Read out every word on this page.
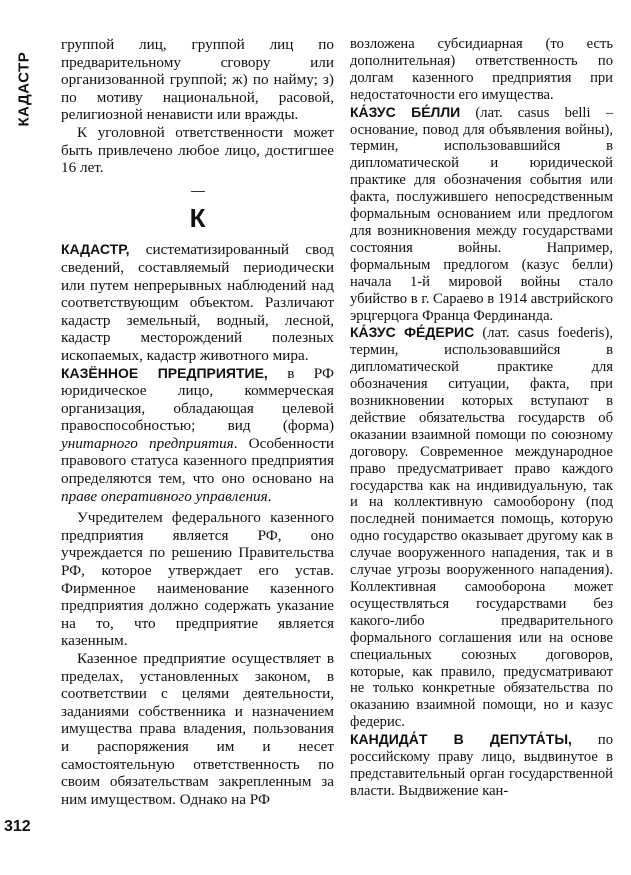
КАДАСТР

группой лиц, группой лиц по предварительному сговору или организованной группой; ж) по найму; з) по мотиву национальной, расовой, религиозной ненависти или вражды.

К уголовной ответственности может быть привлечено любое лицо, достигшее 16 лет.

К

КАДАСТР, систематизированный свод сведений, составляемый периодически или путем непрерывных наблюдений над соответствующим объектом. Различают кадастр земельный, водный, лесной, кадастр месторождений полезных ископаемых, кадастр животного мира.

КАЗЁННОЕ ПРЕДПРИЯТИЕ, в РФ юридическое лицо, коммерческая организация, обладающая целевой правоспособностью; вид (форма) унитарного предприятия. Особенности правового статуса казенного предприятия определяются тем, что оно основано на праве оперативного управления.

Учредителем федерального казенного предприятия является РФ, оно учреждается по решению Правительства РФ, которое утверждает его устав. Фирменное наименование казенного предприятия должно содержать указание на то, что предприятие является казенным.

Казенное предприятие осуществляет в пределах, установленных законом, в соответствии с целями деятельности, заданиями собственника и назначением имущества права владения, пользования и распоряжения им и несет самостоятельную ответственность по своим обязательствам закрепленным за ним имуществом. Однако на РФ

возложена субсидиарная (то есть дополнительная) ответственность по долгам казенного предприятия при недостаточности его имущества.

КА́ЗУС БЕ́ЛЛИ (лат. casus belli – основание, повод для объявления войны), термин, использовавшийся в дипломатической и юридической практике для обозначения события или факта, послужившего непосредственным формальным основанием или предлогом для возникновения между государствами состояния войны. Например, формальным предлогом (казус белли) начала 1-й мировой войны стало убийство в г. Сараево в 1914 австрийского эрцгерцога Франца Фердинанда.

КА́ЗУС ФЕ́ДЕРИС (лат. casus foederis), термин, использовавшийся в дипломатической практике для обозначения ситуации, факта, при возникновении которых вступают в действие обязательства государств об оказании взаимной помощи по союзному договору. Современное международное право предусматривает право каждого государства как на индивидуальную, так и на коллективную самооборону (под последней понимается помощь, которую одно государство оказывает другому как в случае вооруженного нападения, так и в случае угрозы вооруженного нападения). Коллективная самооборона может осуществляться государствами без какого-либо предварительного формального соглашения или на основе специальных союзных договоров, которые, как правило, предусматривают не только конкретные обязательства по оказанию взаимной помощи, но и казус федерис.

КАНДИДА́Т В ДЕПУТА́ТЫ, по российскому праву лицо, выдвинутое в представительный орган государственной власти. Выдвижение кан-

312
